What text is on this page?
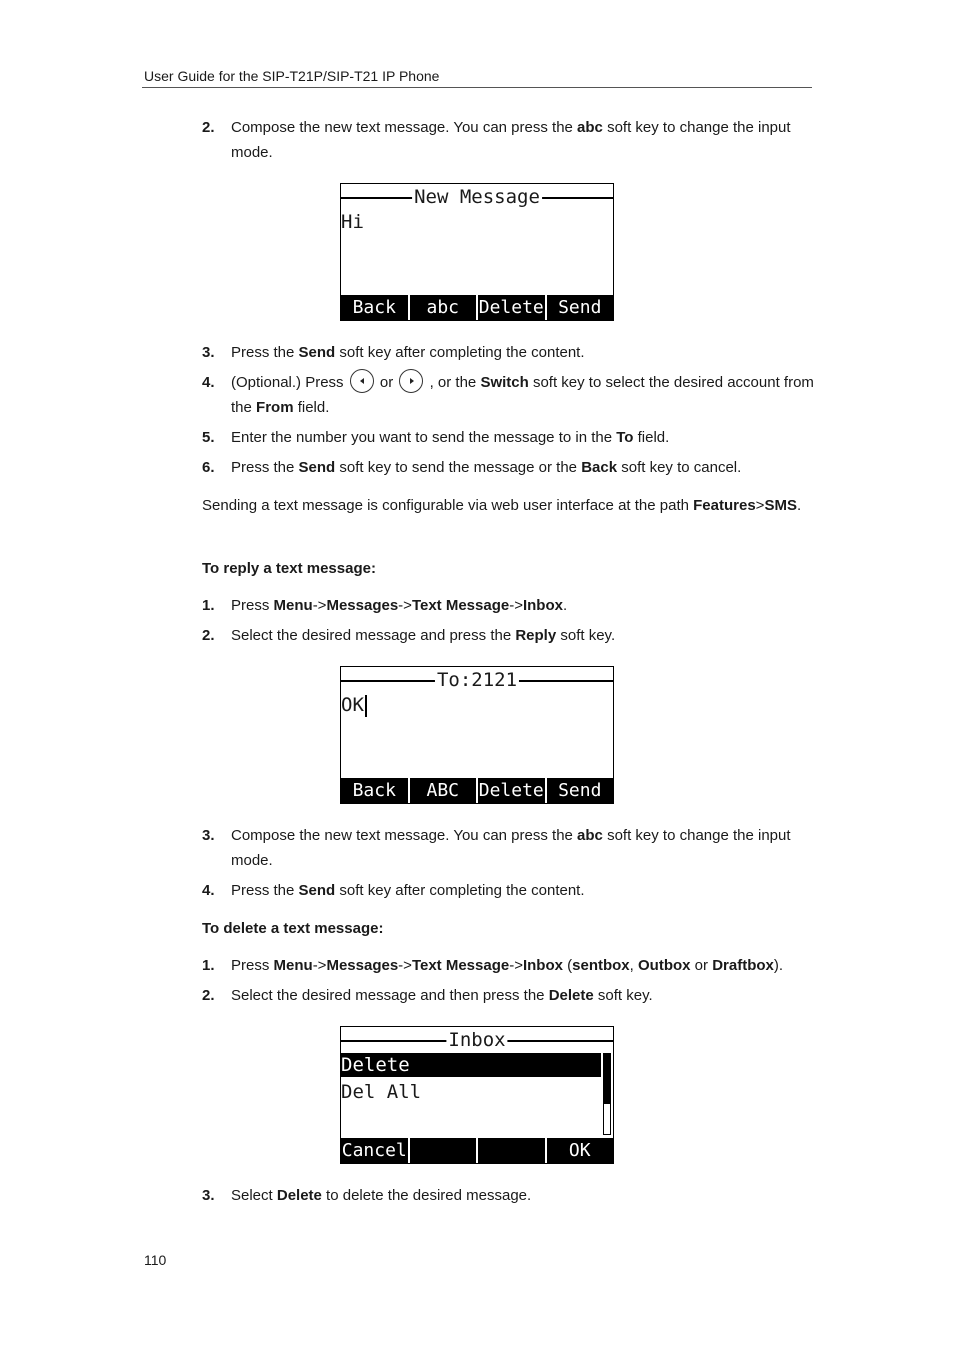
User Guide for the SIP-T21P/SIP-T21 IP Phone
2. Compose the new text message. You can press the abc soft key to change the input mode.
New Message
Hi
Back	abc	Delete Send
3. Press the Send soft key after completing the content.
4. (Optional.) Press  or  , or the Switch soft key to select the desired account from the From field.
5. Enter the number you want to send the message to in the To field.
6. Press the Send soft key to send the message or the Back soft key to cancel.
Sending a text message is configurable via web user interface at the path Features>SMS.
To reply a text message:
1. Press Menu->Messages->Text Message->Inbox.
2. Select the desired message and press the Reply soft key.
To:2121
OK
Back	ABC	Delete Send
3. Compose the new text message. You can press the abc soft key to change the input mode.
4. Press the Send soft key after completing the content.
To delete a text message:
1. Press Menu->Messages->Text Message->Inbox (sentbox, Outbox or Draftbox).
2. Select the desired message and then press the Delete soft key.
Inbox
Delete
Del All
Cancel	OK
3. Select Delete to delete the desired message.
110
